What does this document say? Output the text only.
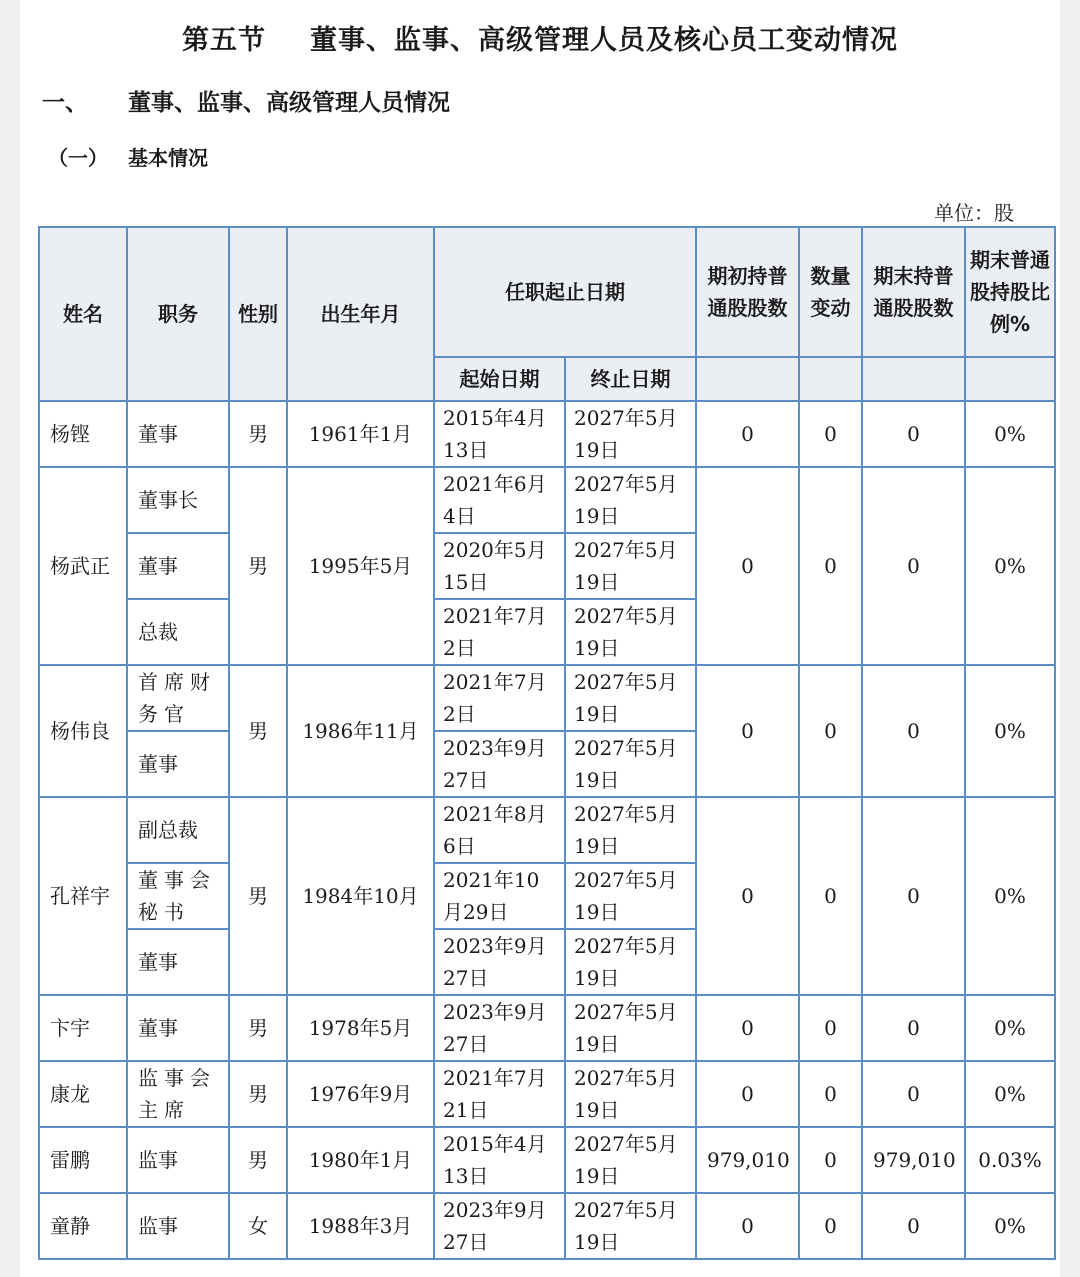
第五节 董事、监事、高级管理人员及核心员工变动情况
一、 董事、监事、高级管理人员情况
（一） 基本情况
单位：股
姓名	职务	性别	出生年月	任职起止日期		期初持普通股股数	数量变动	期末持普通股股数	期末普通股持股比例%
				起始日期	终止日期				
杨铿	董事	男	1961年1月	2015年4月13日	2027年5月19日	0	0	0	0%
杨武正	董事长	男	1995年5月	2021年6月4日	2027年5月19日	0	0	0	0%
	董事			2020年5月15日	2027年5月19日				
	总裁			2021年7月2日	2027年5月19日				
杨伟良	首席财务官	男	1986年11月	2021年7月2日	2027年5月19日	0	0	0	0%
	董事			2023年9月27日	2027年5月19日				
孔祥宇	副总裁	男	1984年10月	2021年8月6日	2027年5月19日	0	0	0	0%
	董事会秘书			2021年10月29日	2027年5月19日				
	董事			2023年9月27日	2027年5月19日				
卞宇	董事	男	1978年5月	2023年9月27日	2027年5月19日	0	0	0	0%
康龙	监事会主席	男	1976年9月	2021年7月21日	2027年5月19日	0	0	0	0%
雷鹏	监事	男	1980年1月	2015年4月13日	2027年5月19日	979,010	0	979,010	0.03%
童静	监事	女	1988年3月	2023年9月27日	2027年5月19日	0	0	0	0%
